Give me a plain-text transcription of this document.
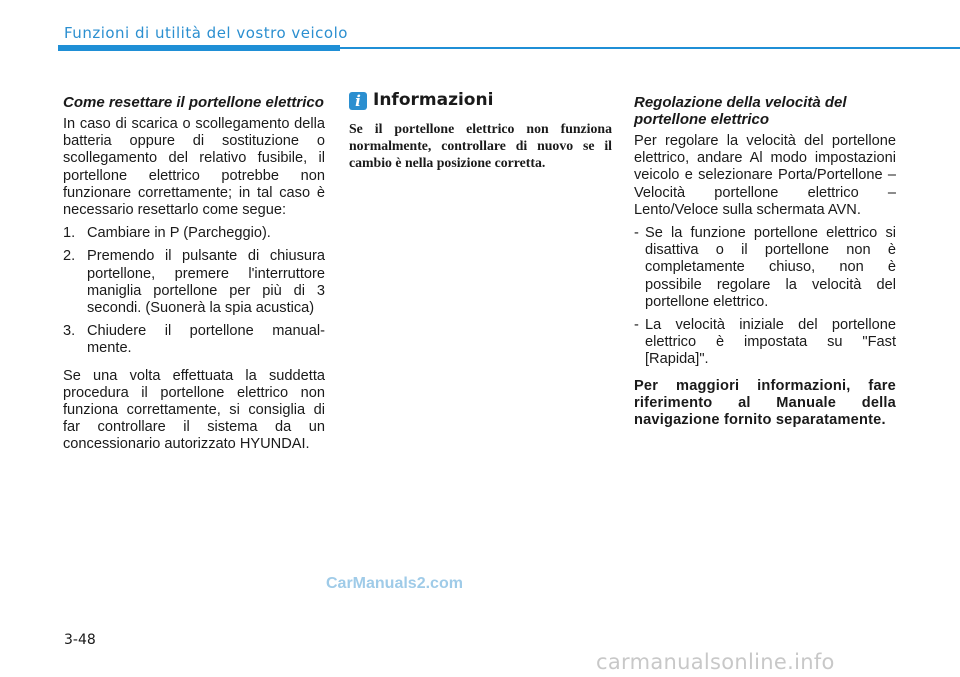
Funzioni di utilità del vostro veicolo
Come resettare il portellone elettrico

In caso di scarica o scollegamento della batteria oppure di sostituzione o scollegamento del relativo fusibile, il portellone elettrico potrebbe non funzionare correttamente; in tal caso è necessario resettarlo come segue:

1. Cambiare in P (Parcheggio).
2. Premendo il pulsante di chiusura portellone, premere l'interruttore maniglia portellone per più di 3 secondi. (Suonerà la spia acustica)
3. Chiudere il portellone manual-mente.

Se una volta effettuata la suddetta procedura il portellone elettrico non funziona correttamente, si consiglia di far controllare il sistema da un concessionario autorizzato HYUNDAI.

i Informazioni
Se il portellone elettrico non funziona normalmente, controllare di nuovo se il cambio è nella posizione corretta.
Regolazione della velocità del portellone elettrico

Per regolare la velocità del portellone elettrico, andare Al modo impostazioni veicolo e selezionare Porta/Portellone – Velocità portellone elettrico – Lento/Veloce sulla schermata AVN.

- Se la funzione portellone elettrico si disattiva o il portellone non è completamente chiuso, non è possibile regolare la velocità del portellone elettrico.
- La velocità iniziale del portellone elettrico è impostata su "Fast [Rapida]".

Per maggiori informazioni, fare riferimento al Manuale della navigazione fornito separatamente.

CarManuals2.com
3-48
carmanualsonline.info
